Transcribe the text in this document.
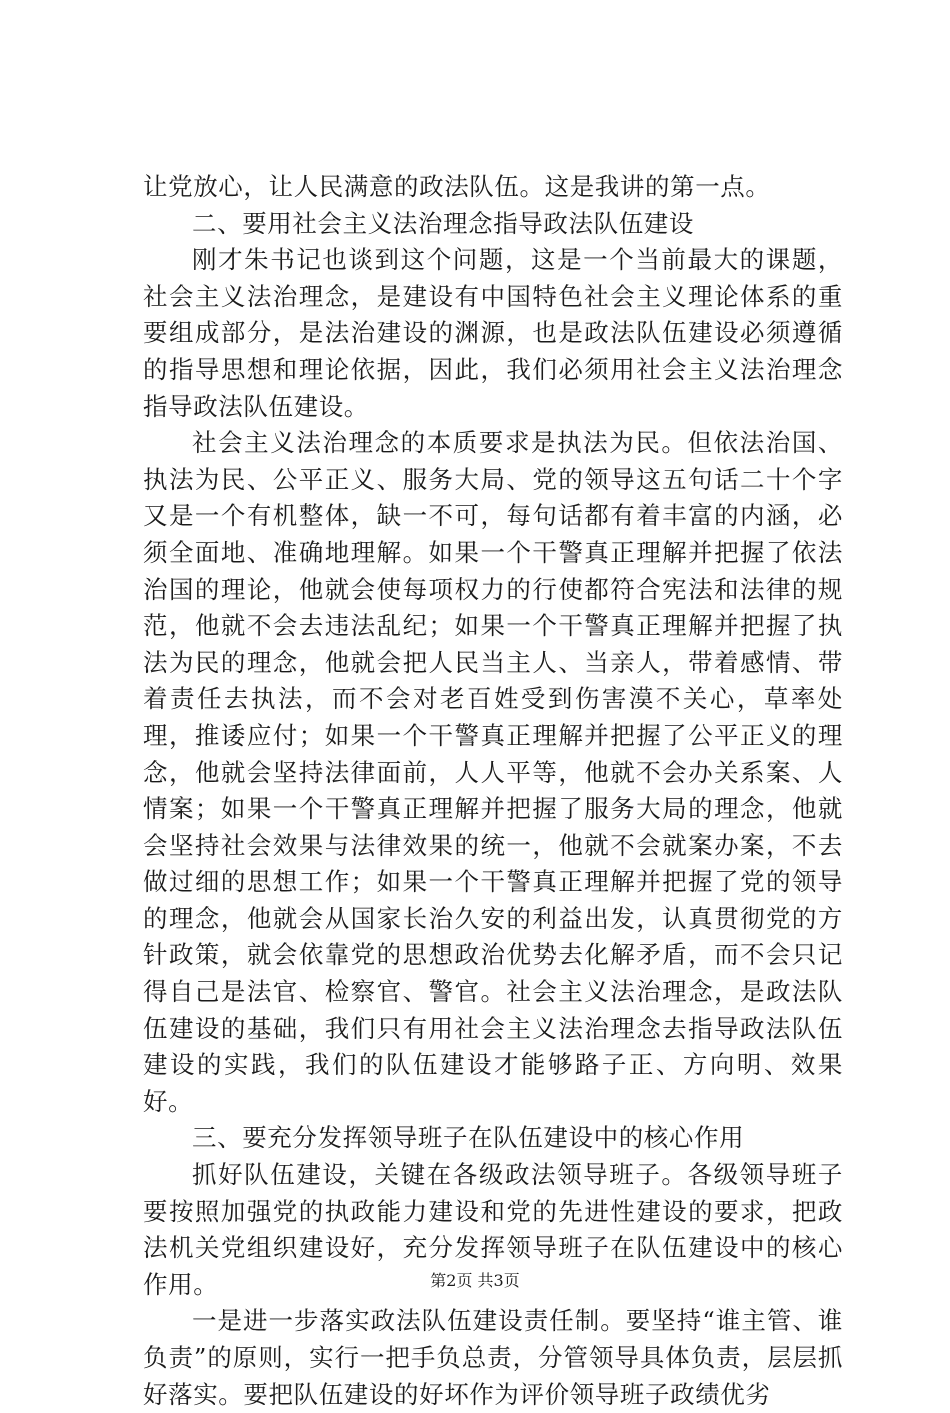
让党放心，让人民满意的政法队伍。这是我讲的第一点。

二、要用社会主义法治理念指导政法队伍建设

刚才朱书记也谈到这个问题，这是一个当前最大的课题，社会主义法治理念，是建设有中国特色社会主义理论体系的重要组成部分，是法治建设的渊源，也是政法队伍建设必须遵循的指导思想和理论依据，因此，我们必须用社会主义法治理念指导政法队伍建设。

社会主义法治理念的本质要求是执法为民。但依法治国、执法为民、公平正义、服务大局、党的领导这五句话二十个字又是一个有机整体，缺一不可，每句话都有着丰富的内涵，必须全面地、准确地理解。如果一个干警真正理解并把握了依法治国的理论，他就会使每项权力的行使都符合宪法和法律的规范，他就不会去违法乱纪；如果一个干警真正理解并把握了执法为民的理念，他就会把人民当主人、当亲人，带着感情、带着责任去执法，而不会对老百姓受到伤害漠不关心，草率处理，推诿应付；如果一个干警真正理解并把握了公平正义的理念，他就会坚持法律面前，人人平等，他就不会办关系案、人情案；如果一个干警真正理解并把握了服务大局的理念，他就会坚持社会效果与法律效果的统一，他就不会就案办案，不去做过细的思想工作；如果一个干警真正理解并把握了党的领导的理念，他就会从国家长治久安的利益出发，认真贯彻党的方针政策，就会依靠党的思想政治优势去化解矛盾，而不会只记得自己是法官、检察官、警官。社会主义法治理念，是政法队伍建设的基础，我们只有用社会主义法治理念去指导政法队伍建设的实践，我们的队伍建设才能够路子正、方向明、效果好。

三、要充分发挥领导班子在队伍建设中的核心作用

抓好队伍建设，关键在各级政法领导班子。各级领导班子要按照加强党的执政能力建设和党的先进性建设的要求，把政法机关党组织建设好，充分发挥领导班子在队伍建设中的核心作用。

一是进一步落实政法队伍建设责任制。要坚持“谁主管、谁负责”的原则，实行一把手负总责，分管领导具体负责，层层抓好落实。要把队伍建设的好坏作为评价领导班子政绩优劣

第2页 共3页
